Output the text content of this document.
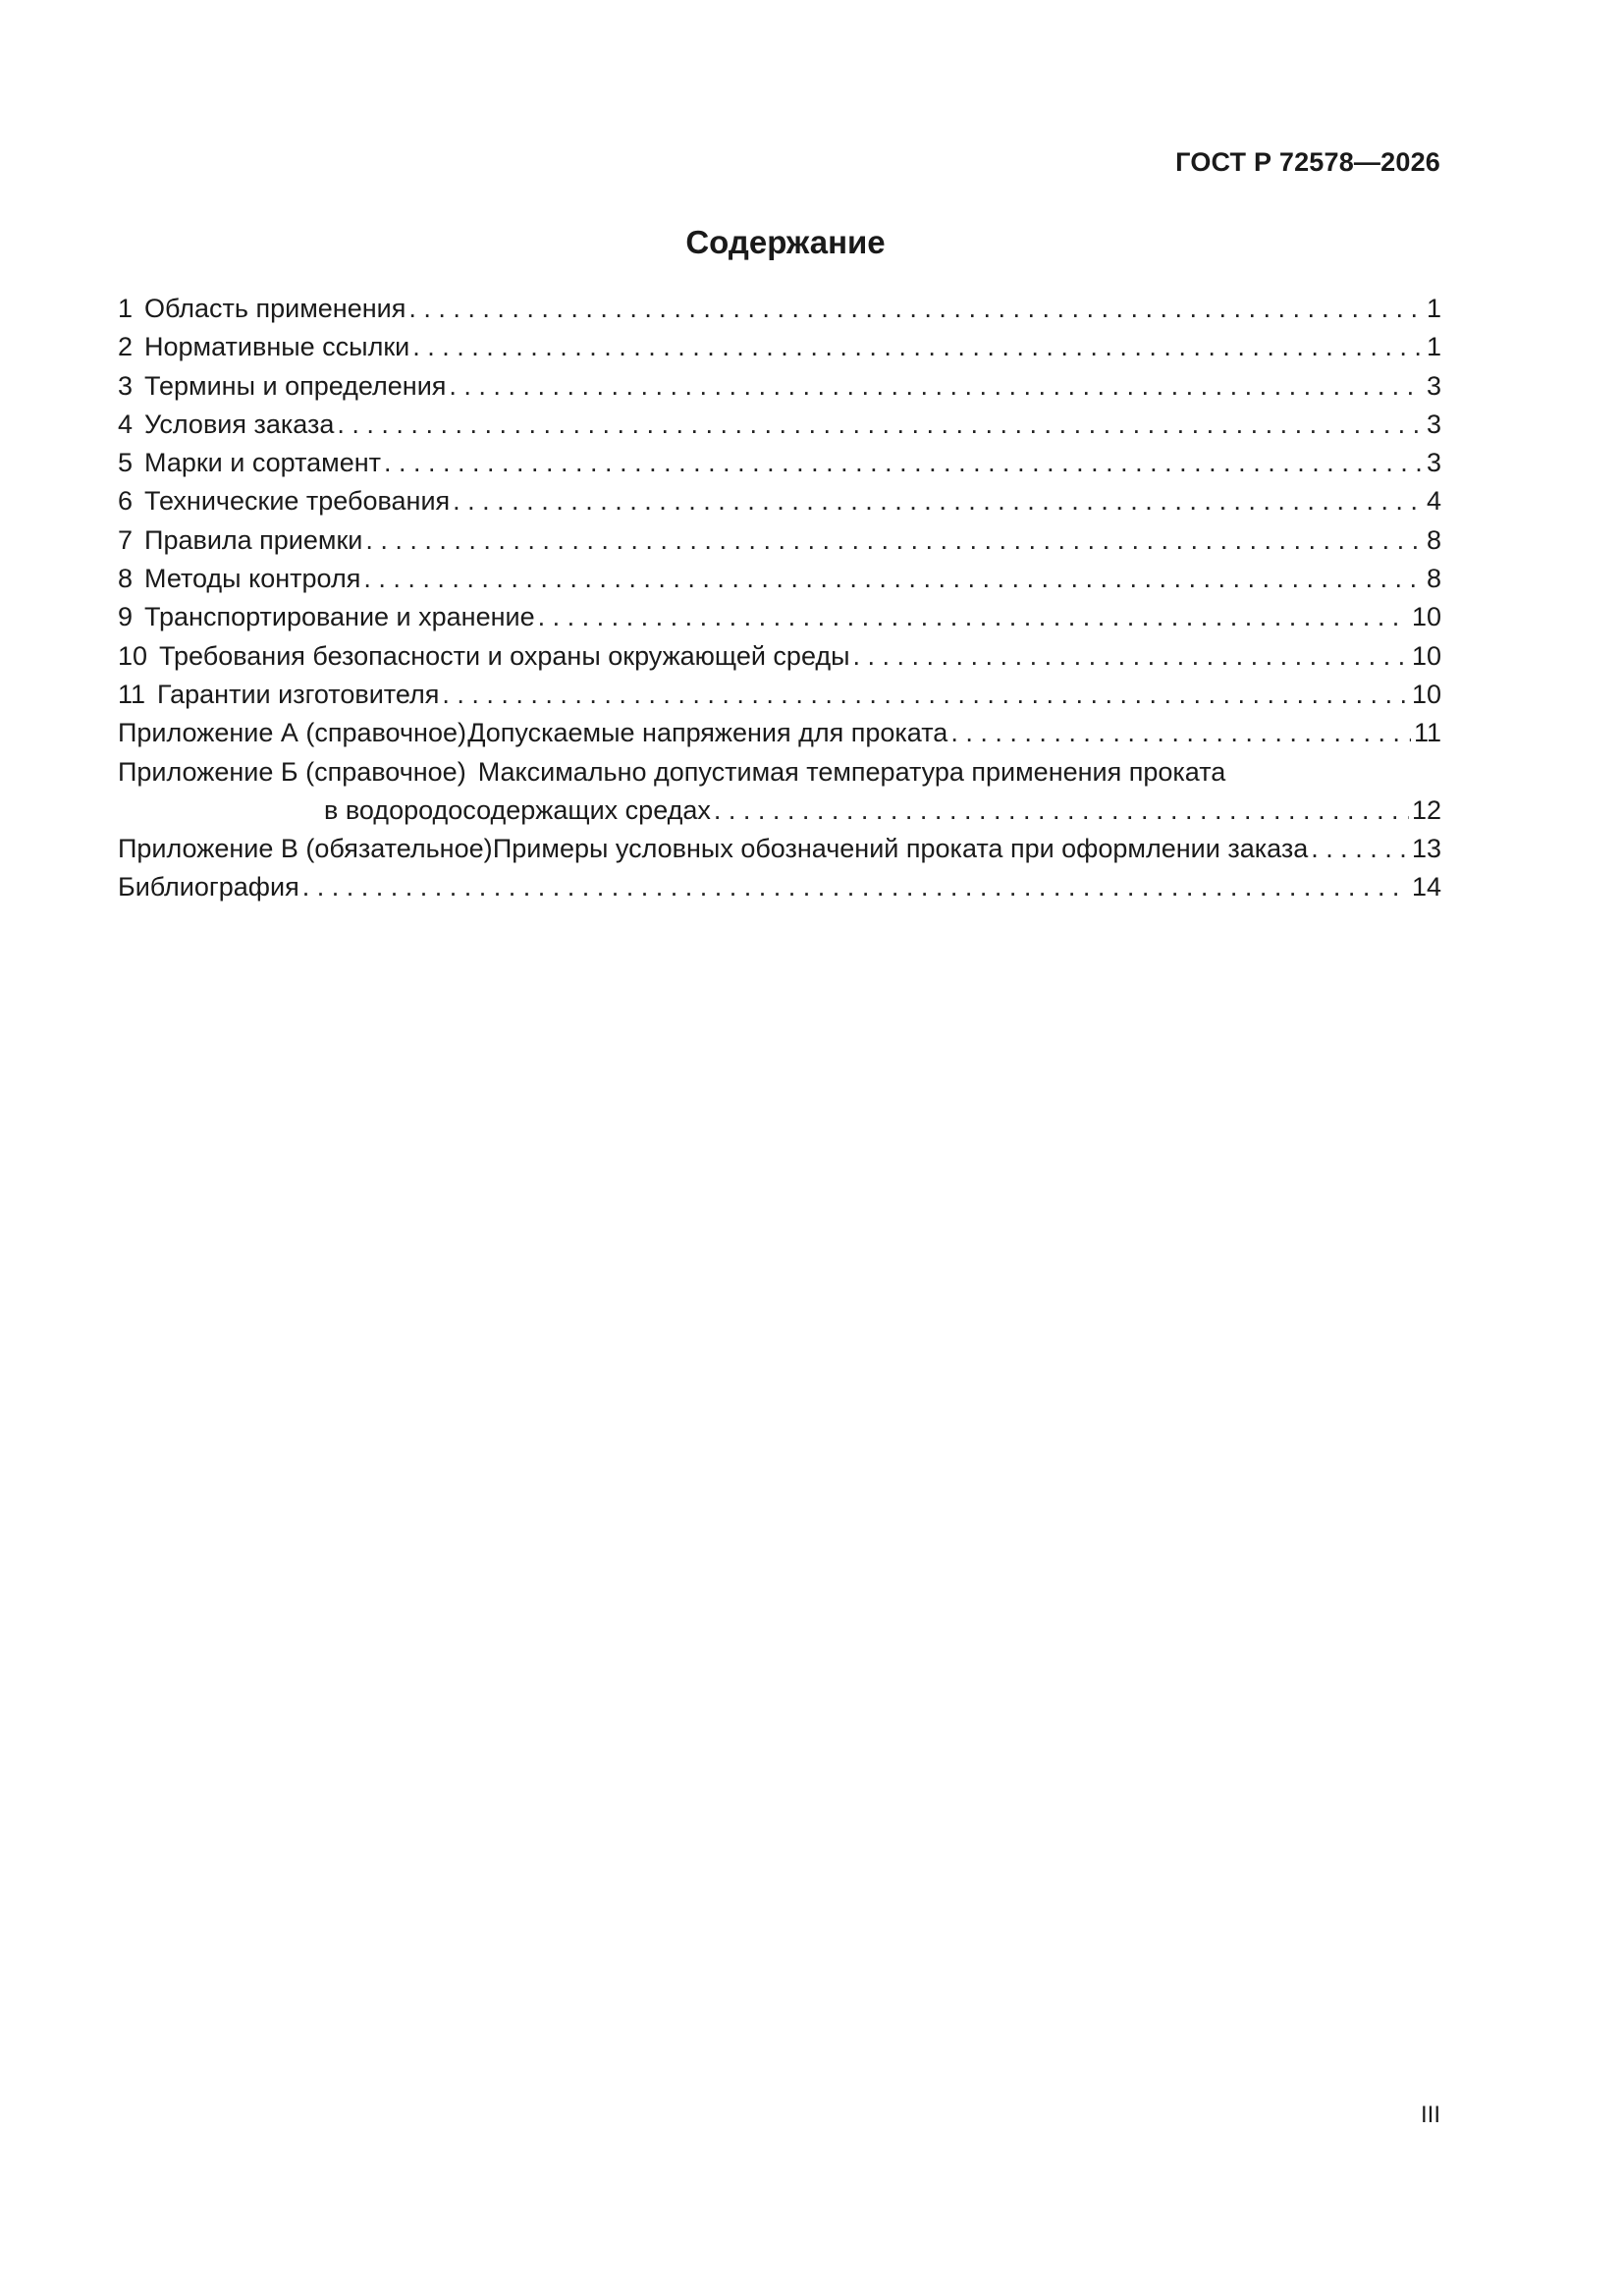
ГОСТ Р 72578—2026
Содержание
1 Область применения . . .	1
2 Нормативные ссылки . . .	1
3 Термины и определения . . .	3
4 Условия заказа . . .	3
5 Марки и сортамент . . .	3
6 Технические требования . . .	4
7 Правила приемки . . .	8
8 Методы контроля . . .	8
9 Транспортирование и хранение . . .	10
10 Требования безопасности и охраны окружающей среды . . .	10
11 Гарантии изготовителя . . .	10
Приложение А (справочное) Допускаемые напряжения для проката . . .	11
Приложение Б (справочное) Максимально допустимая температура применения проката
в водородосодержащих средах . . .	12
Приложение В (обязательное) Примеры условных обозначений проката при оформлении заказа . . .	13
Библиография . . .	14
III
